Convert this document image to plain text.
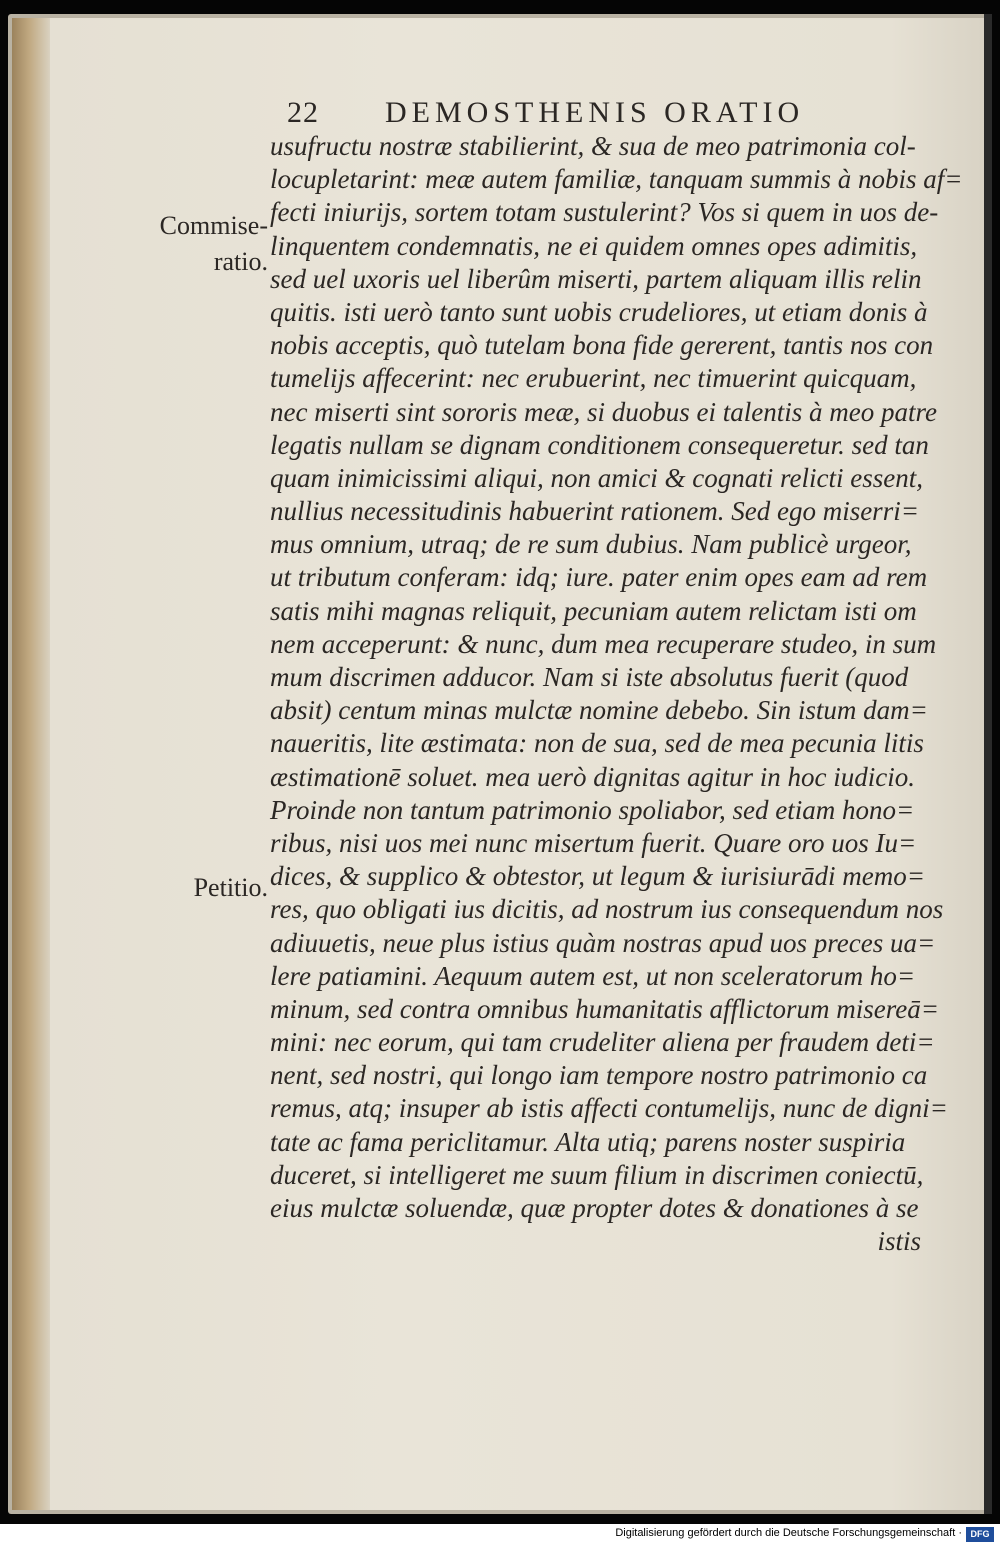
22 DEMOSTHENIS ORATIO
Commise-ratio.
Petitio.
usufructu nostræ stabilierint, & sua de meo patrimonia col-
locupletarint: meæ autem familiæ, tanquam summis à nobis af=
fecti iniurijs, sortem totam sustulerint? Vos si quem in uos de-
linquentem condemnatis, ne ei quidem omnes opes adimitis,
sed uel uxoris uel liberûm miserti, partem aliquam illis relin
quitis. isti uerò tanto sunt uobis crudeliores, ut etiam donis à
nobis acceptis, quò tutelam bona fide gererent, tantis nos con
tumelijs affecerint: nec erubuerint, nec timuerint quicquam,
nec miserti sint sororis meæ, si duobus ei talentis à meo patre
legatis nullam se dignam conditionem consequeretur. sed tan
quam inimicissimi aliqui, non amici & cognati relicti essent,
nullius necessitudinis habuerint rationem. Sed ego miserri=
mus omnium, utraq; de re sum dubius. Nam publicè urgeor,
ut tributum conferam: idq; iure. pater enim opes eam ad rem
satis mihi magnas reliquit, pecuniam autem relictam isti om
nem acceperunt: & nunc, dum mea recuperare studeo, in sum
mum discrimen adducor. Nam si iste absolutus fuerit (quod
absit) centum minas mulctæ nomine debebo. Sin istum dam=
naueritis, lite æstimata: non de sua, sed de mea pecunia litis
æstimationē soluet. mea uerò dignitas agitur in hoc iudicio.
Proinde non tantum patrimonio spoliabor, sed etiam hono=
ribus, nisi uos mei nunc misertum fuerit. Quare oro uos Iu=
dices, & supplico & obtestor, ut legum & iurisiurādi memo=
res, quo obligati ius dicitis, ad nostrum ius consequendum nos
adiuuetis, neue plus istius quàm nostras apud uos preces ua=
lere patiamini. Aequum autem est, ut non sceleratorum ho=
minum, sed contra omnibus humanitatis afflictorum misereā=
mini: nec eorum, qui tam crudeliter aliena per fraudem deti=
nent, sed nostri, qui longo iam tempore nostro patrimonio ca
remus, atq; insuper ab istis affecti contumelijs, nunc de digni=
tate ac fama periclitamur. Alta utiq; parens noster suspiria
duceret, si intelligeret me suum filium in discrimen coniectū,
eius mulctæ soluendæ, quæ propter dotes & donationes à se
istis
Digitalisierung gefördert durch die Deutsche Forschungsgemeinschaft · DFG
